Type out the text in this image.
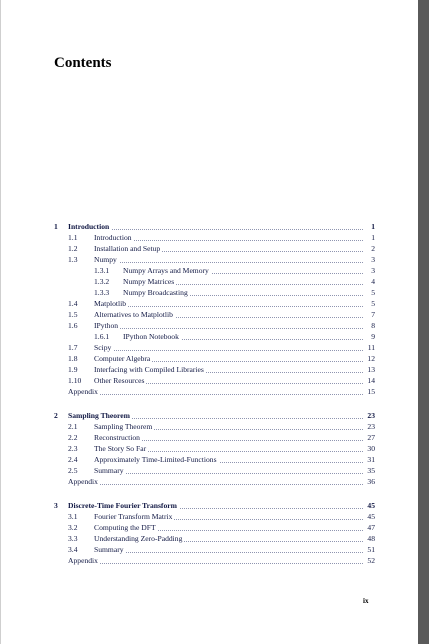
Contents
1 Introduction	1
1.1 Introduction	1
1.2 Installation and Setup	2
1.3 Numpy	3
1.3.1 Numpy Arrays and Memory	3
1.3.2 Numpy Matrices	4
1.3.3 Numpy Broadcasting	5
1.4 Matplotlib	5
1.5 Alternatives to Matplotlib	7
1.6 IPython	8
1.6.1 IPython Notebook	9
1.7 Scipy	11
1.8 Computer Algebra	12
1.9 Interfacing with Compiled Libraries	13
1.10 Other Resources	14
Appendix	15
2 Sampling Theorem	23
2.1 Sampling Theorem	23
2.2 Reconstruction	27
2.3 The Story So Far	30
2.4 Approximately Time-Limited-Functions	31
2.5 Summary	35
Appendix	36
3 Discrete-Time Fourier Transform	45
3.1 Fourier Transform Matrix	45
3.2 Computing the DFT	47
3.3 Understanding Zero-Padding	48
3.4 Summary	51
Appendix	52
ix
